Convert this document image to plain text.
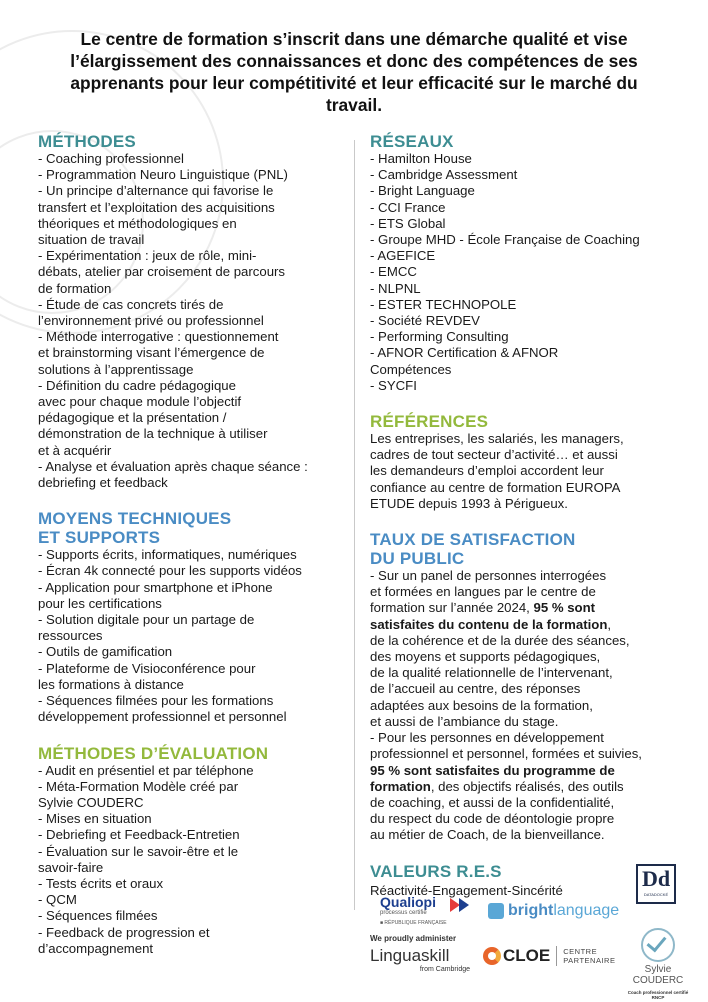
Le centre de formation s’inscrit dans une démarche qualité et vise l’élargissement des connaissances et donc des compétences de ses apprenants pour leur compétitivité et leur efficacité sur le marché du travail.
MÉTHODES
- Coaching professionnel
- Programmation Neuro Linguistique (PNL)
- Un principe d’alternance qui favorise le
transfert et l’exploitation des acquisitions
théoriques et méthodologiques en
situation de travail
- Expérimentation : jeux de rôle, mini-
débats, atelier par croisement de parcours
de formation
- Étude de cas concrets tirés de
l’environnement privé ou professionnel
- Méthode interrogative : questionnement
et brainstorming visant l’émergence de
solutions à l’apprentissage
- Définition du cadre pédagogique
avec pour chaque module l’objectif
pédagogique et la présentation /
démonstration de la technique à utiliser
et à acquérir
- Analyse et évaluation après chaque séance :
debriefing et feedback
MOYENS TECHNIQUES
ET SUPPORTS
- Supports écrits, informatiques, numériques
- Écran 4k connecté pour les supports vidéos
- Application pour smartphone et iPhone
pour les certifications
- Solution digitale pour un partage de
ressources
- Outils de gamification
- Plateforme de Visioconférence pour
les formations à distance
- Séquences filmées pour les formations
développement professionnel et personnel
MÉTHODES D’ÉVALUATION
- Audit en présentiel et par téléphone
- Méta-Formation Modèle créé par
Sylvie COUDERC
- Mises en situation
- Debriefing et Feedback-Entretien
- Évaluation sur le savoir-être et le
savoir-faire
- Tests écrits et oraux
- QCM
- Séquences filmées
- Feedback de progression et
d’accompagnement
RÉSEAUX
- Hamilton House
- Cambridge Assessment
- Bright Language
- CCI France
- ETS Global
- Groupe MHD - École Française de Coaching
- AGEFICE
- EMCC
- NLPNL
- ESTER TECHNOPOLE
- Société REVDEV
- Performing Consulting
- AFNOR Certification & AFNOR
Compétences
- SYCFI
RÉFÉRENCES
Les entreprises, les salariés, les managers,
cadres de tout secteur d’activité… et aussi
les demandeurs d’emploi accordent leur
confiance au centre de formation EUROPA
ETUDE depuis 1993 à Périgueux.
TAUX DE SATISFACTION
DU PUBLIC
- Sur un panel de personnes interrogées
et formées en langues par le centre de
formation sur l’année 2024, 95 % sont
satisfaites du contenu de la formation,
de la cohérence et de la durée des séances,
des moyens et supports pédagogiques,
de la qualité relationnelle de l’intervenant,
de l’accueil au centre, des réponses
adaptées aux besoins de la formation,
et aussi de l’ambiance du stage.
- Pour les personnes en développement
professionnel et personnel, formées et suivies,
95 % sont satisfaites du programme de
formation, des objectifs réalisés, des outils
de coaching, et aussi de la confidentialité,
du respect du code de déontologie propre
au métier de Coach, de la bienveillance.
VALEURS R.E.S

Réactivité-Engagement-Sincérité

Qualiopi
processus certifié
■ RÉPUBLIQUE FRANÇAISE
We proudly administer
Linguaskill
from Cambridge
brightlanguage
CLOE CENTRE
PARTENAIRE
Dd
DATADOCKÉ
Sylvie COUDERC
Coach professionnel certifié RNCP
